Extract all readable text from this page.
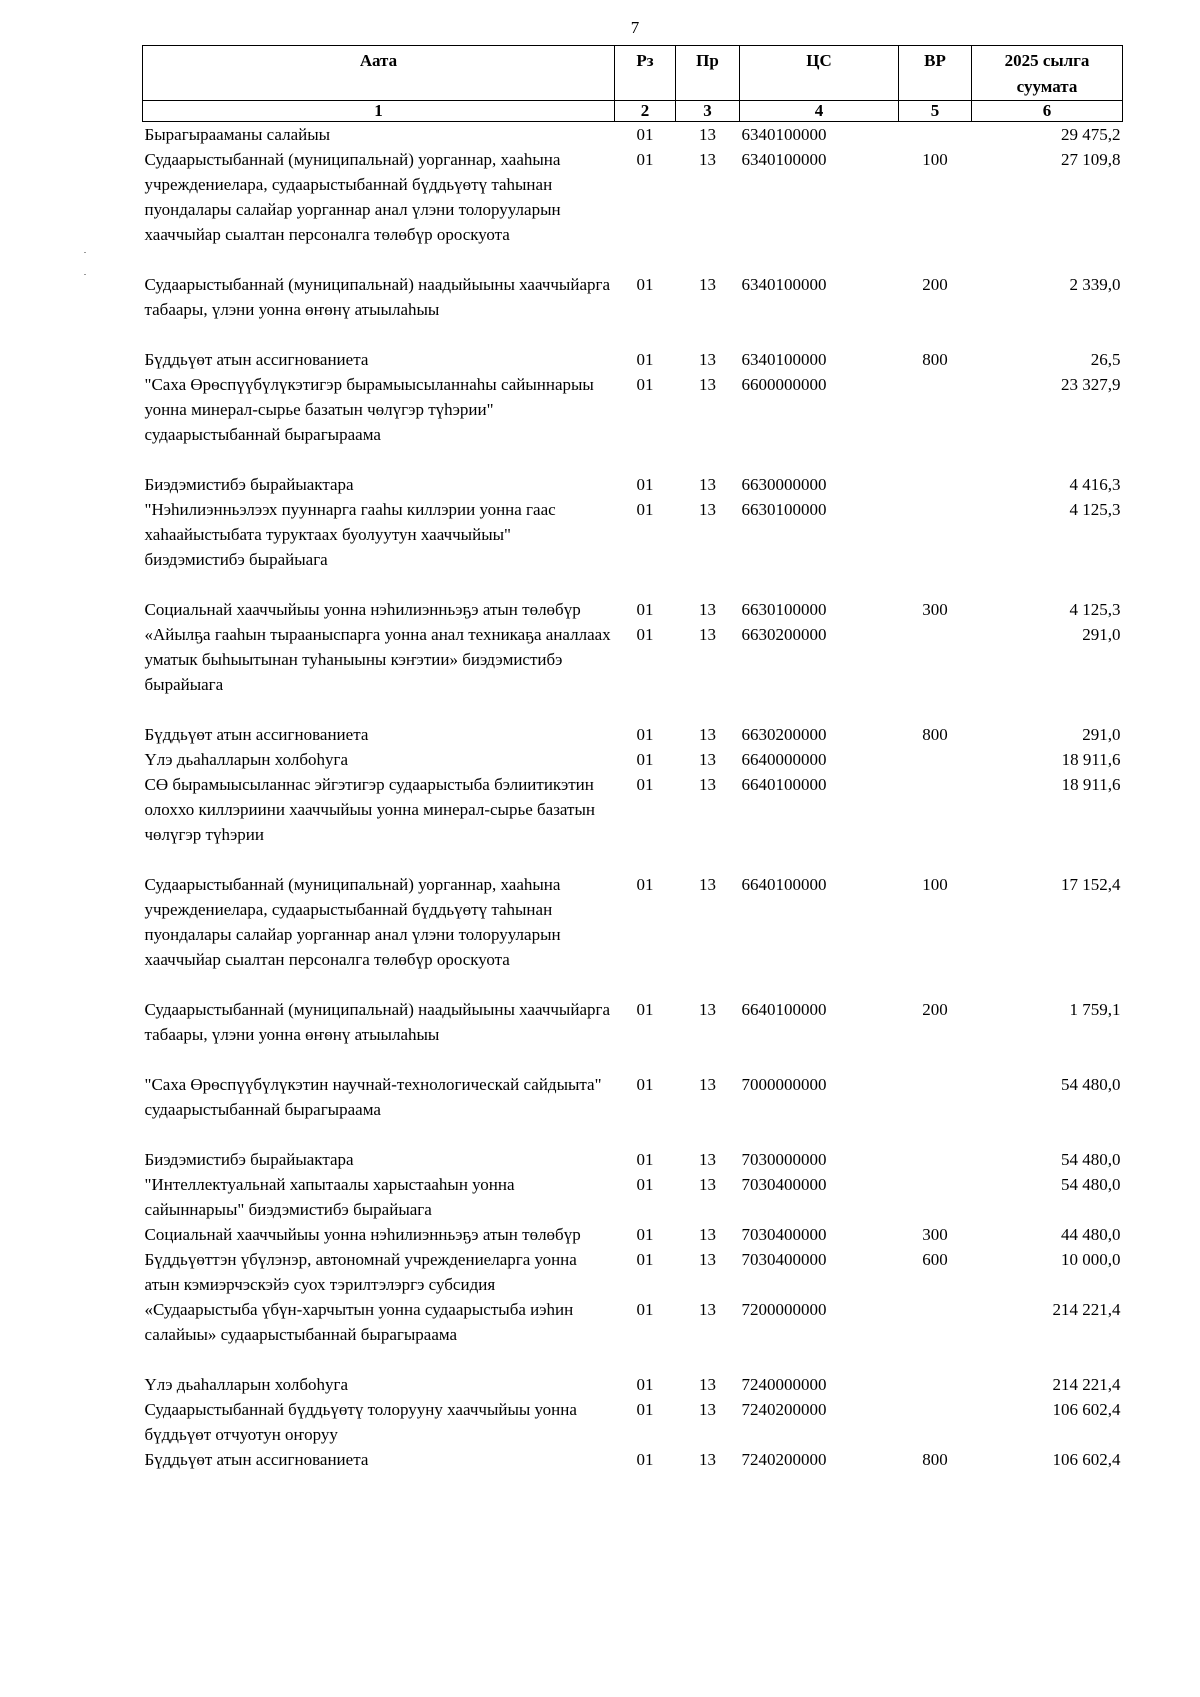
7
Аата	Рз	Пр	ЦС	ВР	2025 сылга суумата
1	2	3	4	5	6
Бырагырааманы салайыы	01	13	6340100000		29 475,2
Судаарыстыбаннай (муниципальнай) уорганнар, хааһына учреждениелара, судаарыстыбаннай бүддьүөтү таһынан пуондалары салайар уорганнар анал үлэни толорууларын хааччыйар сыалтан персоналга төлөбүр ороскуота	01	13	6340100000	100	27 109,8
Судаарыстыбаннай (муниципальнай) наадыйыыны хааччыйарга табаары, үлэни уонна өҥөнү атыылаһыы	01	13	6340100000	200	2 339,0
Бүддьүөт атын ассигнованиета	01	13	6340100000	800	26,5
"Саха Өрөспүүбүлүкэтигэр бырамыысыланнаһы сайыннарыы уонна минерал-сырье базатын чөлүгэр түһэрии" судаарыстыбаннай бырагыраама	01	13	6600000000		23 327,9
Биэдэмистибэ бырайыактара	01	13	6630000000		4 416,3
"Нэһилиэнньэлээх пууннарга гааһы киллэрии уонна гаас хаһаайыстыбата туруктаах буолуутун хааччыйыы" биэдэмистибэ бырайыага	01	13	6630100000		4 125,3
Социальнай хааччыйыы уонна нэһилиэнньэҕэ атын төлөбүр	01	13	6630100000	300	4 125,3
«Айылҕа гааһын тырааныспарга уонна анал техникаҕа аналлаах уматык быһыытынан туһаныыны кэҥэтии» биэдэмистибэ бырайыага	01	13	6630200000		291,0
Бүддьүөт атын ассигнованиета	01	13	6630200000	800	291,0
Үлэ дьаһалларын холбоһуга	01	13	6640000000		18 911,6
СӨ бырамыысыланнас эйгэтигэр судаарыстыба бэлиитикэтин олоххо киллэриини хааччыйыы уонна минерал-сырье базатын чөлүгэр түһэрии	01	13	6640100000		18 911,6
Судаарыстыбаннай (муниципальнай) уорганнар, хааһына учреждениелара, судаарыстыбаннай бүддьүөтү таһынан пуондалары салайар уорганнар анал үлэни толорууларын хааччыйар сыалтан персоналга төлөбүр ороскуота	01	13	6640100000	100	17 152,4
Судаарыстыбаннай (муниципальнай) наадыйыыны хааччыйарга табаары, үлэни уонна өҥөнү атыылаһыы	01	13	6640100000	200	1 759,1
"Саха Өрөспүүбүлүкэтин научнай-технологическай сайдыыта" судаарыстыбаннай бырагыраама	01	13	7000000000		54 480,0
Биэдэмистибэ бырайыактара	01	13	7030000000		54 480,0
"Интеллектуальнай хапытаалы харыстааһын уонна сайыннарыы" биэдэмистибэ бырайыага	01	13	7030400000		54 480,0
Социальнай хааччыйыы уонна нэһилиэнньэҕэ атын төлөбүр	01	13	7030400000	300	44 480,0
Бүддьүөттэн үбүлэнэр, автономнай учреждениеларга уонна атын кэмиэрчэскэйэ суох тэрилтэлэргэ субсидия	01	13	7030400000	600	10 000,0
«Судаарыстыба үбүн-харчытын уонна судаарыстыба иэһин салайыы» судаарыстыбаннай бырагыраама	01	13	7200000000		214 221,4
Үлэ дьаһалларын холбоһуга	01	13	7240000000		214 221,4
Судаарыстыбаннай бүддьүөтү толорууну хааччыйыы уонна бүддьүөт отчуотун оҥоруу	01	13	7240200000		106 602,4
Бүддьүөт атын ассигнованиета	01	13	7240200000	800	106 602,4
